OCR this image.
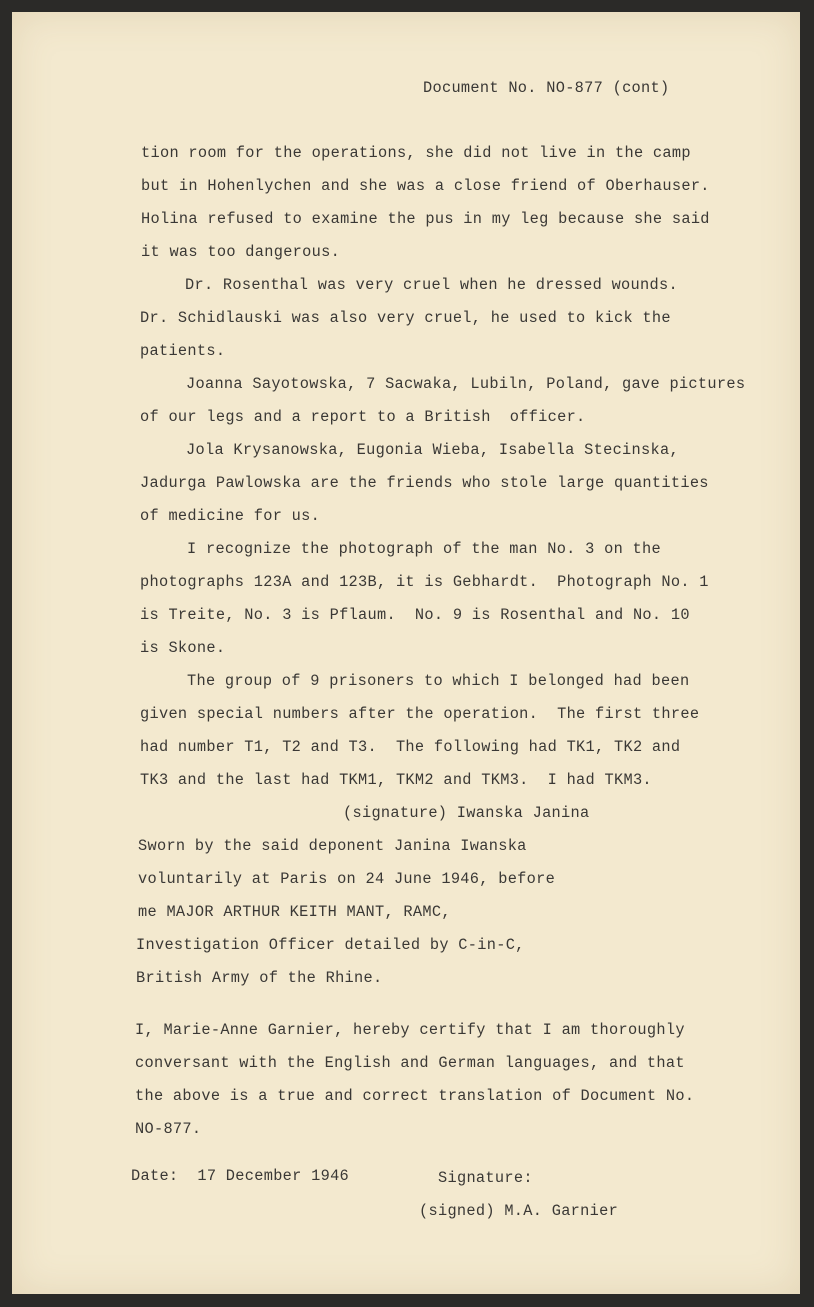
Document No. NO-877 (cont)
tion room for the operations, she did not live in the camp
but in Hohenlychen and she was a close friend of Oberhauser.
Holina refused to examine the pus in my leg because she said
it was too dangerous.
Dr. Rosenthal was very cruel when he dressed wounds.
Dr. Schidlauski was also very cruel, he used to kick the
patients.
Joanna Sayotowska, 7 Sacwaka, Lubiln, Poland, gave pictures
of our legs and a report to a British  officer.
Jola Krysanowska, Eugonia Wieba, Isabella Stecinska,
Jadurga Pawlowska are the friends who stole large quantities
of medicine for us.
I recognize the photograph of the man No. 3 on the
photographs 123A and 123B, it is Gebhardt.  Photograph No. 1
is Treite, No. 3 is Pflaum.  No. 9 is Rosenthal and No. 10
is Skone.
The group of 9 prisoners to which I belonged had been
given special numbers after the operation.  The first three
had number T1, T2 and T3.  The following had TK1, TK2 and
TK3 and the last had TKM1, TKM2 and TKM3.  I had TKM3.
(signature) Iwanska Janina
Sworn by the said deponent Janina Iwanska
voluntarily at Paris on 24 June 1946, before
me MAJOR ARTHUR KEITH MANT, RAMC,
Investigation Officer detailed by C-in-C,
British Army of the Rhine.
I, Marie-Anne Garnier, hereby certify that I am thoroughly
conversant with the English and German languages, and that
the above is a true and correct translation of Document No.
NO-877.
Date:  17 December 1946	Signature:
(signed) M.A. Garnier
